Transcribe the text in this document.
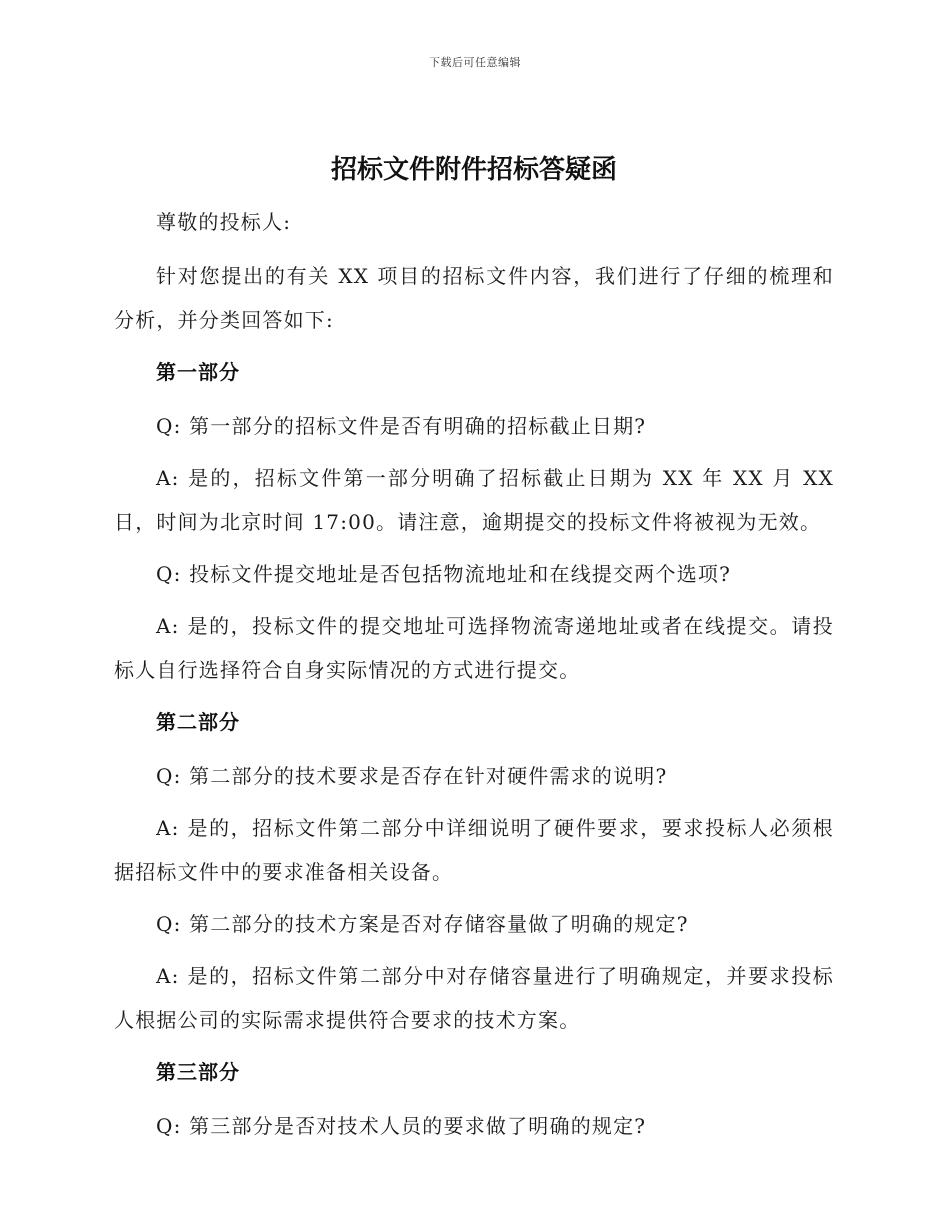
下载后可任意编辑
招标文件附件招标答疑函

尊敬的投标人:

针对您提出的有关 XX 项目的招标文件内容，我们进行了仔细的梳理和分析，并分类回答如下:

第一部分

Q: 第一部分的招标文件是否有明确的招标截止日期?

A: 是的，招标文件第一部分明确了招标截止日期为 XX 年 XX 月 XX 日，时间为北京时间 17:00。请注意，逾期提交的投标文件将被视为无效。

Q: 投标文件提交地址是否包括物流地址和在线提交两个选项?

A: 是的，投标文件的提交地址可选择物流寄递地址或者在线提交。请投标人自行选择符合自身实际情况的方式进行提交。

第二部分

Q: 第二部分的技术要求是否存在针对硬件需求的说明?

A: 是的，招标文件第二部分中详细说明了硬件要求，要求投标人必须根据招标文件中的要求准备相关设备。

Q: 第二部分的技术方案是否对存储容量做了明确的规定?

A: 是的，招标文件第二部分中对存储容量进行了明确规定，并要求投标人根据公司的实际需求提供符合要求的技术方案。

第三部分

Q: 第三部分是否对技术人员的要求做了明确的规定?
